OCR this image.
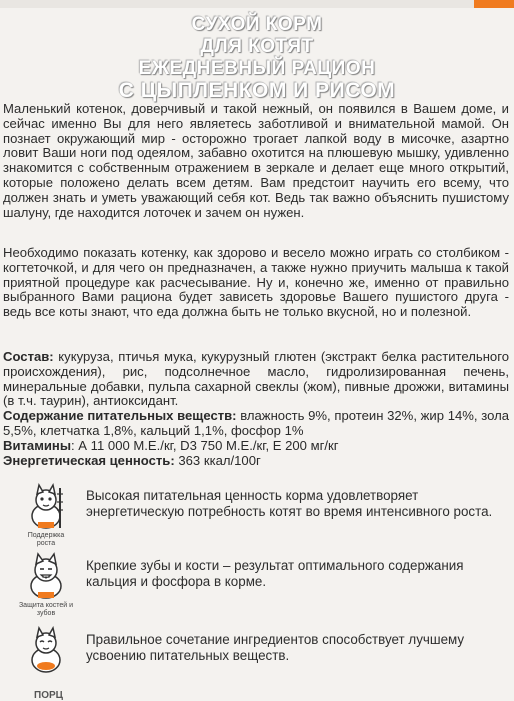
СУХОЙ КОРМ
ДЛЯ КОТЯТ
ЕЖЕДНЕВНЫЙ РАЦИОН
С ЦЫПЛЕНКОМ И РИСОМ
Маленький котенок, доверчивый и такой нежный, он появился в Вашем доме, и сейчас именно Вы для него являетесь заботливой и внимательной мамой. Он познает окружающий мир - осторожно трогает лапкой воду в мисочке, азартно ловит Ваши ноги под одеялом, забавно охотится на плюшевую мышку, удивленно знакомится с собственным отражением в зеркале и делает еще много открытий, которые положено делать всем детям. Вам предстоит научить его всему, что должен знать и уметь уважающий себя кот. Ведь так важно объяснить пушистому шалуну, где находится лоточек и зачем он нужен.
Необходимо показать котенку, как здорово и весело можно играть со столбиком - когтеточкой, и для чего он предназначен, а также нужно приучить малыша к такой приятной процедуре как расчесывание. Ну и, конечно же, именно от правильно выбранного Вами рациона будет зависеть здоровье Вашего пушистого друга - ведь все коты знают, что еда должна быть не только вкусной, но и полезной.
Состав: кукуруза, птичья мука, кукурузный глютен (экстракт белка растительного происхождения), рис, подсолнечное масло, гидролизированная печень, минеральные добавки, пульпа сахарной свеклы (жом), пивные дрожжи, витамины (в т.ч. таурин), антиоксидант.
Содержание питательных веществ: влажность 9%, протеин 32%, жир 14%, зола 5,5%, клетчатка 1,8%, кальций 1,1%, фосфор 1%
Витамины: А 11 000 М.Е./кг, D3 750 М.Е./кг, Е 200 мг/кг
Энергетическая ценность: 363 ккал/100г
Поддержка роста
Высокая питательная ценность корма удовлетворяет энергетическую потребность котят во время интенсивного роста.
Защита костей и зубов
Крепкие зубы и кости – результат оптимального содержания кальция и фосфора в корме.
Правильное сочетание ингредиентов способствует лучшему усвоению питательных веществ.
ПОРЦ
